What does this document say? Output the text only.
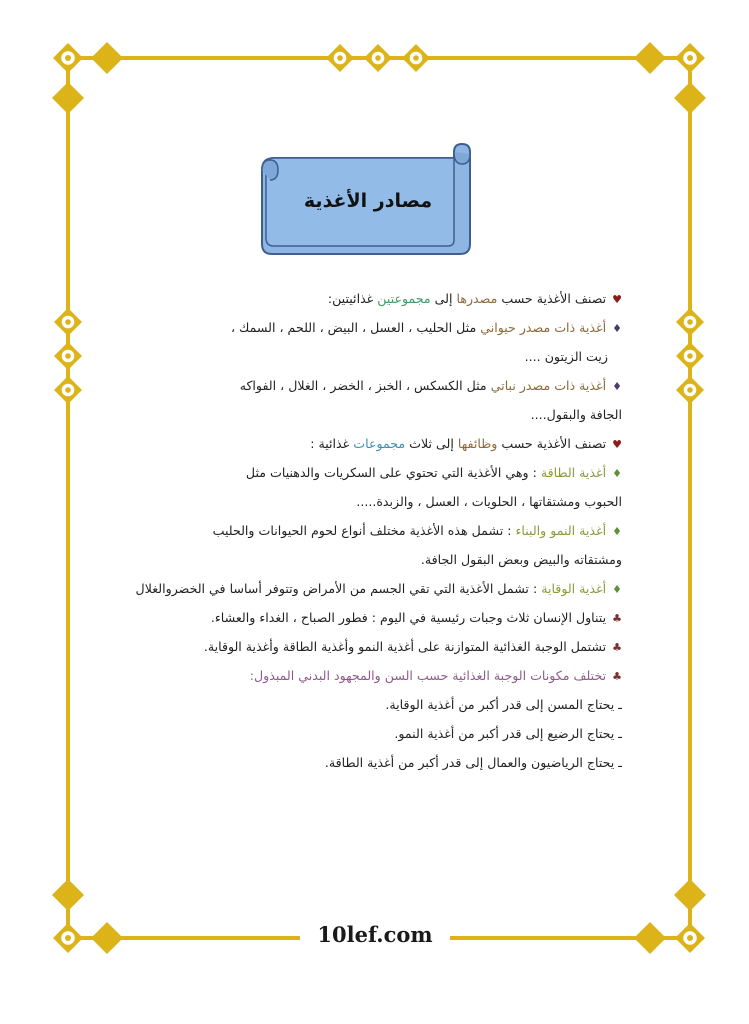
مصادر الأغذية
♥تصنف الأغذية حسب مصدرها إلى مجموعتين غذائيتين:
♦أغذية ذات مصدر حيواني مثل الحليب ، العسل ، البيض ، اللحم ، السمك ،
زيت الزيتون ....
♦أغذية ذات مصدر نباتي مثل الكسكس ، الخبز ، الخضر ، الغلال ، الفواكه
الجافة والبقول....
♥تصنف الأغذية حسب وظائفها إلى ثلاث مجموعات غذائية :
♦أغذية الطاقة : وهي الأغذية التي تحتوي على السكريات والدهنيات مثل
الحبوب ومشتقاتها ، الحلويات ، العسل ، والزبدة.....
♦أغذية النمو والبناء : تشمل هذه الأغذية مختلف أنواع لحوم الحيوانات والحليب
ومشتقاته والبيض وبعض البقول الجافة.
♦أغذية الوقاية : تشمل الأغذية التي تقي الجسم من الأمراض وتتوفر أساسا في الخضروالغلال
♣يتناول الإنسان ثلاث وجبات رئيسية في اليوم : فطور الصباح ، الغداء والعشاء.
♣تشتمل الوجبة الغذائية المتوازنة على أغذية النمو وأغذية الطاقة وأغذية الوقاية.
♣تختلف مكونات الوجبة الغذائية حسب السن والمجهود البدني المبذول:
ـ يحتاج المسن إلى قدر أكبر من أغذية الوقاية.
ـ يحتاج الرضيع إلى قدر أكبر من أغذية النمو.
ـ يحتاج الرياضيون والعمال إلى قدر أكبر من أغذية الطاقة.
10lef.com
